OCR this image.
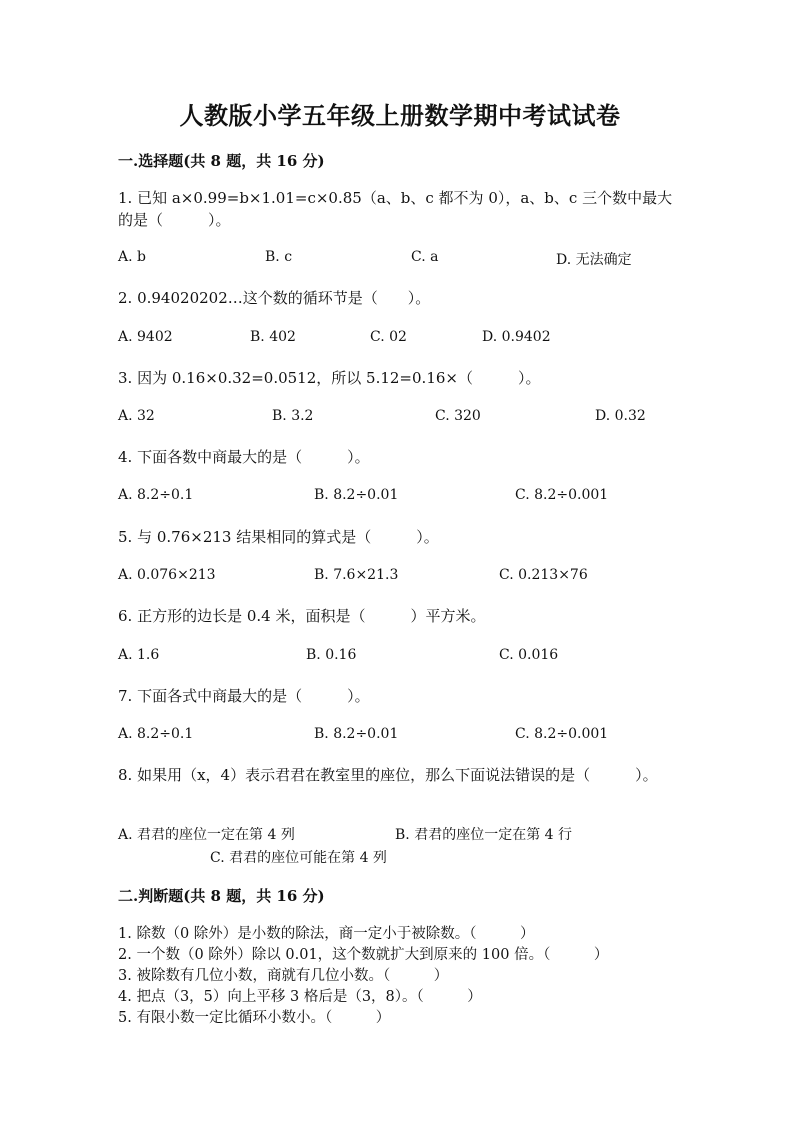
人教版小学五年级上册数学期中考试试卷
一.选择题(共 8 题，共 16 分)
1. 已知 a×0.99=b×1.01=c×0.85（a、b、c 都不为 0），a、b、c 三个数中最大的是（　　　）。
A. b	B. c	C. a	D. 无法确定
2. 0.94020202…这个数的循环节是（　　）。
A. 9402	B. 402	C. 02	D. 0.9402
3. 因为 0.16×0.32=0.0512，所以 5.12=0.16×（　　　）。
A. 32	B. 3.2	C. 320	D. 0.32
4. 下面各数中商最大的是（　　　）。
A. 8.2÷0.1	B. 8.2÷0.01	C. 8.2÷0.001
5. 与 0.76×213 结果相同的算式是（　　　）。
A. 0.076×213	B. 7.6×21.3	C. 0.213×76
6. 正方形的边长是 0.4 米，面积是（　　　）平方米。
A. 1.6	B. 0.16	C. 0.016
7. 下面各式中商最大的是（　　　）。
A. 8.2÷0.1	B. 8.2÷0.01	C. 8.2÷0.001
8. 如果用（x，4）表示君君在教室里的座位，那么下面说法错误的是（　　　）。
A. 君君的座位一定在第 4 列	B. 君君的座位一定在第 4 行
C. 君君的座位可能在第 4 列
二.判断题(共 8 题，共 16 分)
1. 除数（0 除外）是小数的除法，商一定小于被除数。（　　　）
2. 一个数（0 除外）除以 0.01，这个数就扩大到原来的 100 倍。（　　　）
3. 被除数有几位小数，商就有几位小数。（　　　）
4. 把点（3，5）向上平移 3 格后是（3，8）。（　　　）
5. 有限小数一定比循环小数小。（　　　）
